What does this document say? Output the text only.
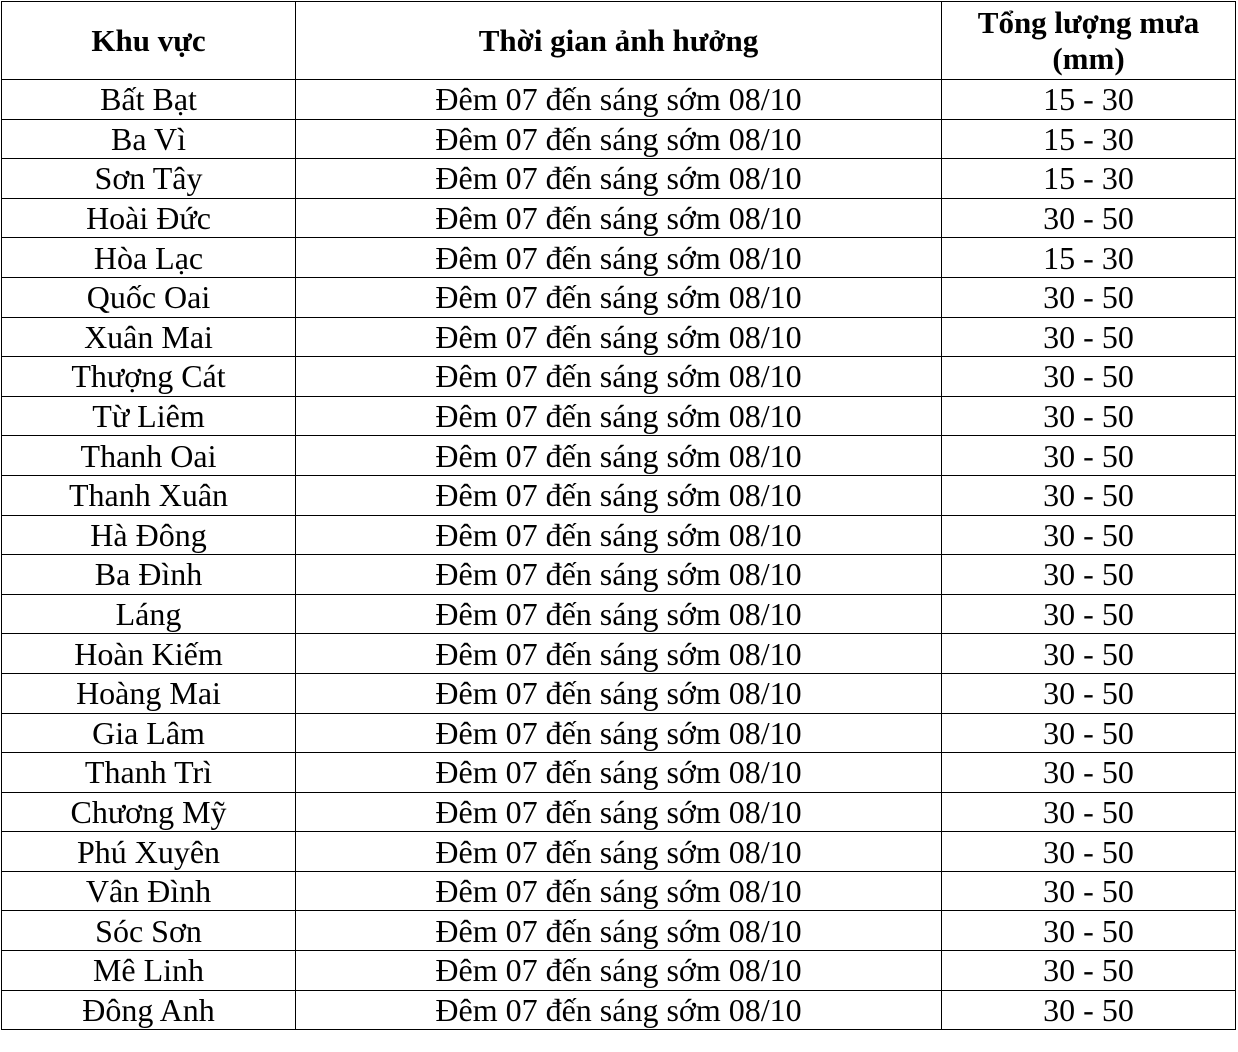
Khu vực	Thời gian ảnh hưởng	Tổng lượng mưa
(mm)

Bất Bạt	Đêm 07 đến sáng sớm 08/10	15 - 30
Ba Vì	Đêm 07 đến sáng sớm 08/10	15 - 30
Sơn Tây	Đêm 07 đến sáng sớm 08/10	15 - 30
Hoài Đức	Đêm 07 đến sáng sớm 08/10	30 - 50
Hòa Lạc	Đêm 07 đến sáng sớm 08/10	15 - 30
Quốc Oai	Đêm 07 đến sáng sớm 08/10	30 - 50
Xuân Mai	Đêm 07 đến sáng sớm 08/10	30 - 50
Thượng Cát	Đêm 07 đến sáng sớm 08/10	30 - 50
Từ Liêm	Đêm 07 đến sáng sớm 08/10	30 - 50
Thanh Oai	Đêm 07 đến sáng sớm 08/10	30 - 50
Thanh Xuân	Đêm 07 đến sáng sớm 08/10	30 - 50
Hà Đông	Đêm 07 đến sáng sớm 08/10	30 - 50
Ba Đình	Đêm 07 đến sáng sớm 08/10	30 - 50
Láng	Đêm 07 đến sáng sớm 08/10	30 - 50
Hoàn Kiếm	Đêm 07 đến sáng sớm 08/10	30 - 50
Hoàng Mai	Đêm 07 đến sáng sớm 08/10	30 - 50
Gia Lâm	Đêm 07 đến sáng sớm 08/10	30 - 50
Thanh Trì	Đêm 07 đến sáng sớm 08/10	30 - 50
Chương Mỹ	Đêm 07 đến sáng sớm 08/10	30 - 50
Phú Xuyên	Đêm 07 đến sáng sớm 08/10	30 - 50
Vân Đình	Đêm 07 đến sáng sớm 08/10	30 - 50
Sóc Sơn	Đêm 07 đến sáng sớm 08/10	30 - 50
Mê Linh	Đêm 07 đến sáng sớm 08/10	30 - 50
Đông Anh	Đêm 07 đến sáng sớm 08/10	30 - 50
